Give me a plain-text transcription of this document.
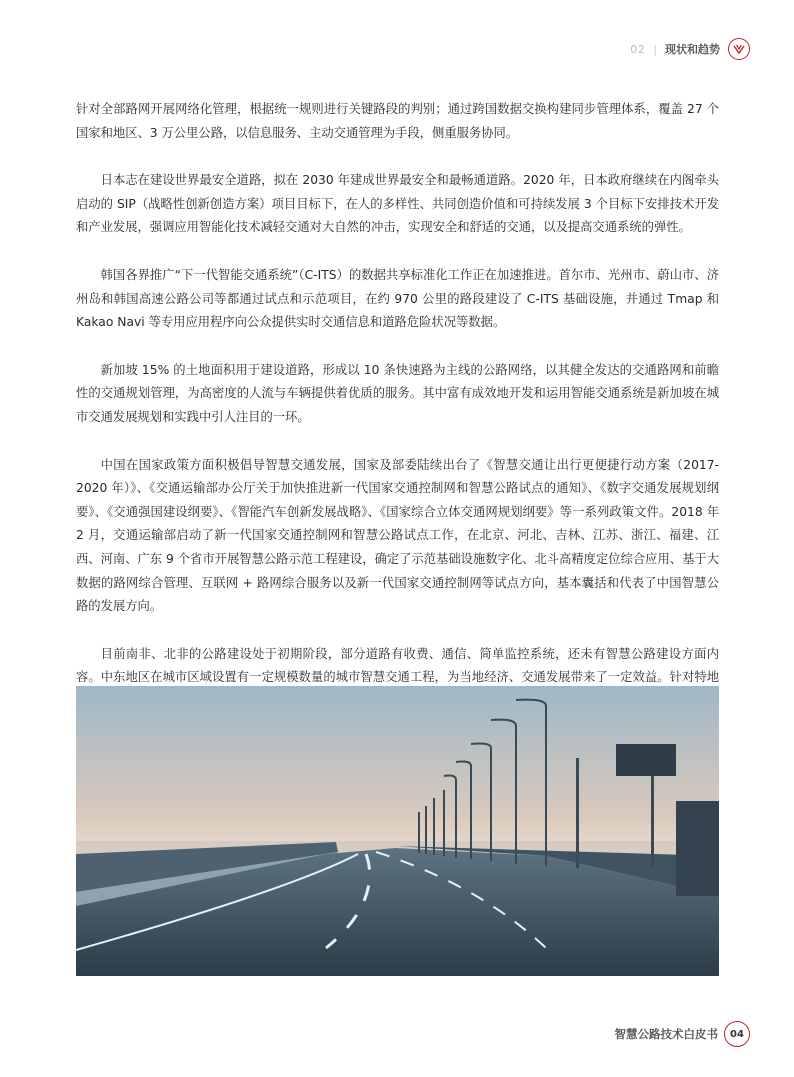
02 | 现状和趋势

针对全部路网开展网络化管理，根据统一规则进行关键路段的判别；通过跨国数据交换构建同步管理体系，覆盖 27 个国家和地区、3 万公里公路，以信息服务、主动交通管理为手段，侧重服务协同。

日本志在建设世界最安全道路，拟在 2030 年建成世界最安全和最畅通道路。2020 年，日本政府继续在内阁牵头启动的 SIP（战略性创新创造方案）项目目标下，在人的多样性、共同创造价值和可持续发展 3 个目标下安排技术开发和产业发展，强调应用智能化技术减轻交通对大自然的冲击，实现安全和舒适的交通，以及提高交通系统的弹性。

韩国各界推广“下一代智能交通系统”（C-ITS）的数据共享标准化工作正在加速推进。首尔市、光州市、蔚山市、济州岛和韩国高速公路公司等都通过试点和示范项目，在约 970 公里的路段建设了 C-ITS 基础设施，并通过 Tmap 和 Kakao Navi 等专用应用程序向公众提供实时交通信息和道路危险状况等数据。

新加坡 15% 的土地面积用于建设道路，形成以 10 条快速路为主线的公路网络，以其健全发达的交通路网和前瞻性的交通规划管理，为高密度的人流与车辆提供着优质的服务。其中富有成效地开发和运用智能交通系统是新加坡在城市交通发展规划和实践中引人注目的一环。

中国在国家政策方面积极倡导智慧交通发展，国家及部委陆续出台了《智慧交通让出行更便捷行动方案（2017-2020 年）》、《交通运输部办公厅关于加快推进新一代国家交通控制网和智慧公路试点的通知》、《数字交通发展规划纲要》、《交通强国建设纲要》、《智能汽车创新发展战略》、《国家综合立体交通网规划纲要》等一系列政策文件。2018 年 2 月，交通运输部启动了新一代国家交通控制网和智慧公路试点工作，在北京、河北、吉林、江苏、浙江、福建、江西、河南、广东 9 个省市开展智慧公路示范工程建设，确定了示范基础设施数字化、北斗高精度定位综合应用、基于大数据的路网综合管理、互联网 + 路网综合服务以及新一代国家交通控制网等试点方向，基本囊括和代表了中国智慧公路的发展方向。

目前南非、北非的公路建设处于初期阶段，部分道路有收费、通信、简单监控系统，还未有智慧公路建设方面内容。中东地区在城市区域设置有一定规模数量的城市智慧交通工程，为当地经济、交通发展带来了一定效益。针对特地

智慧公路技术白皮书	04
